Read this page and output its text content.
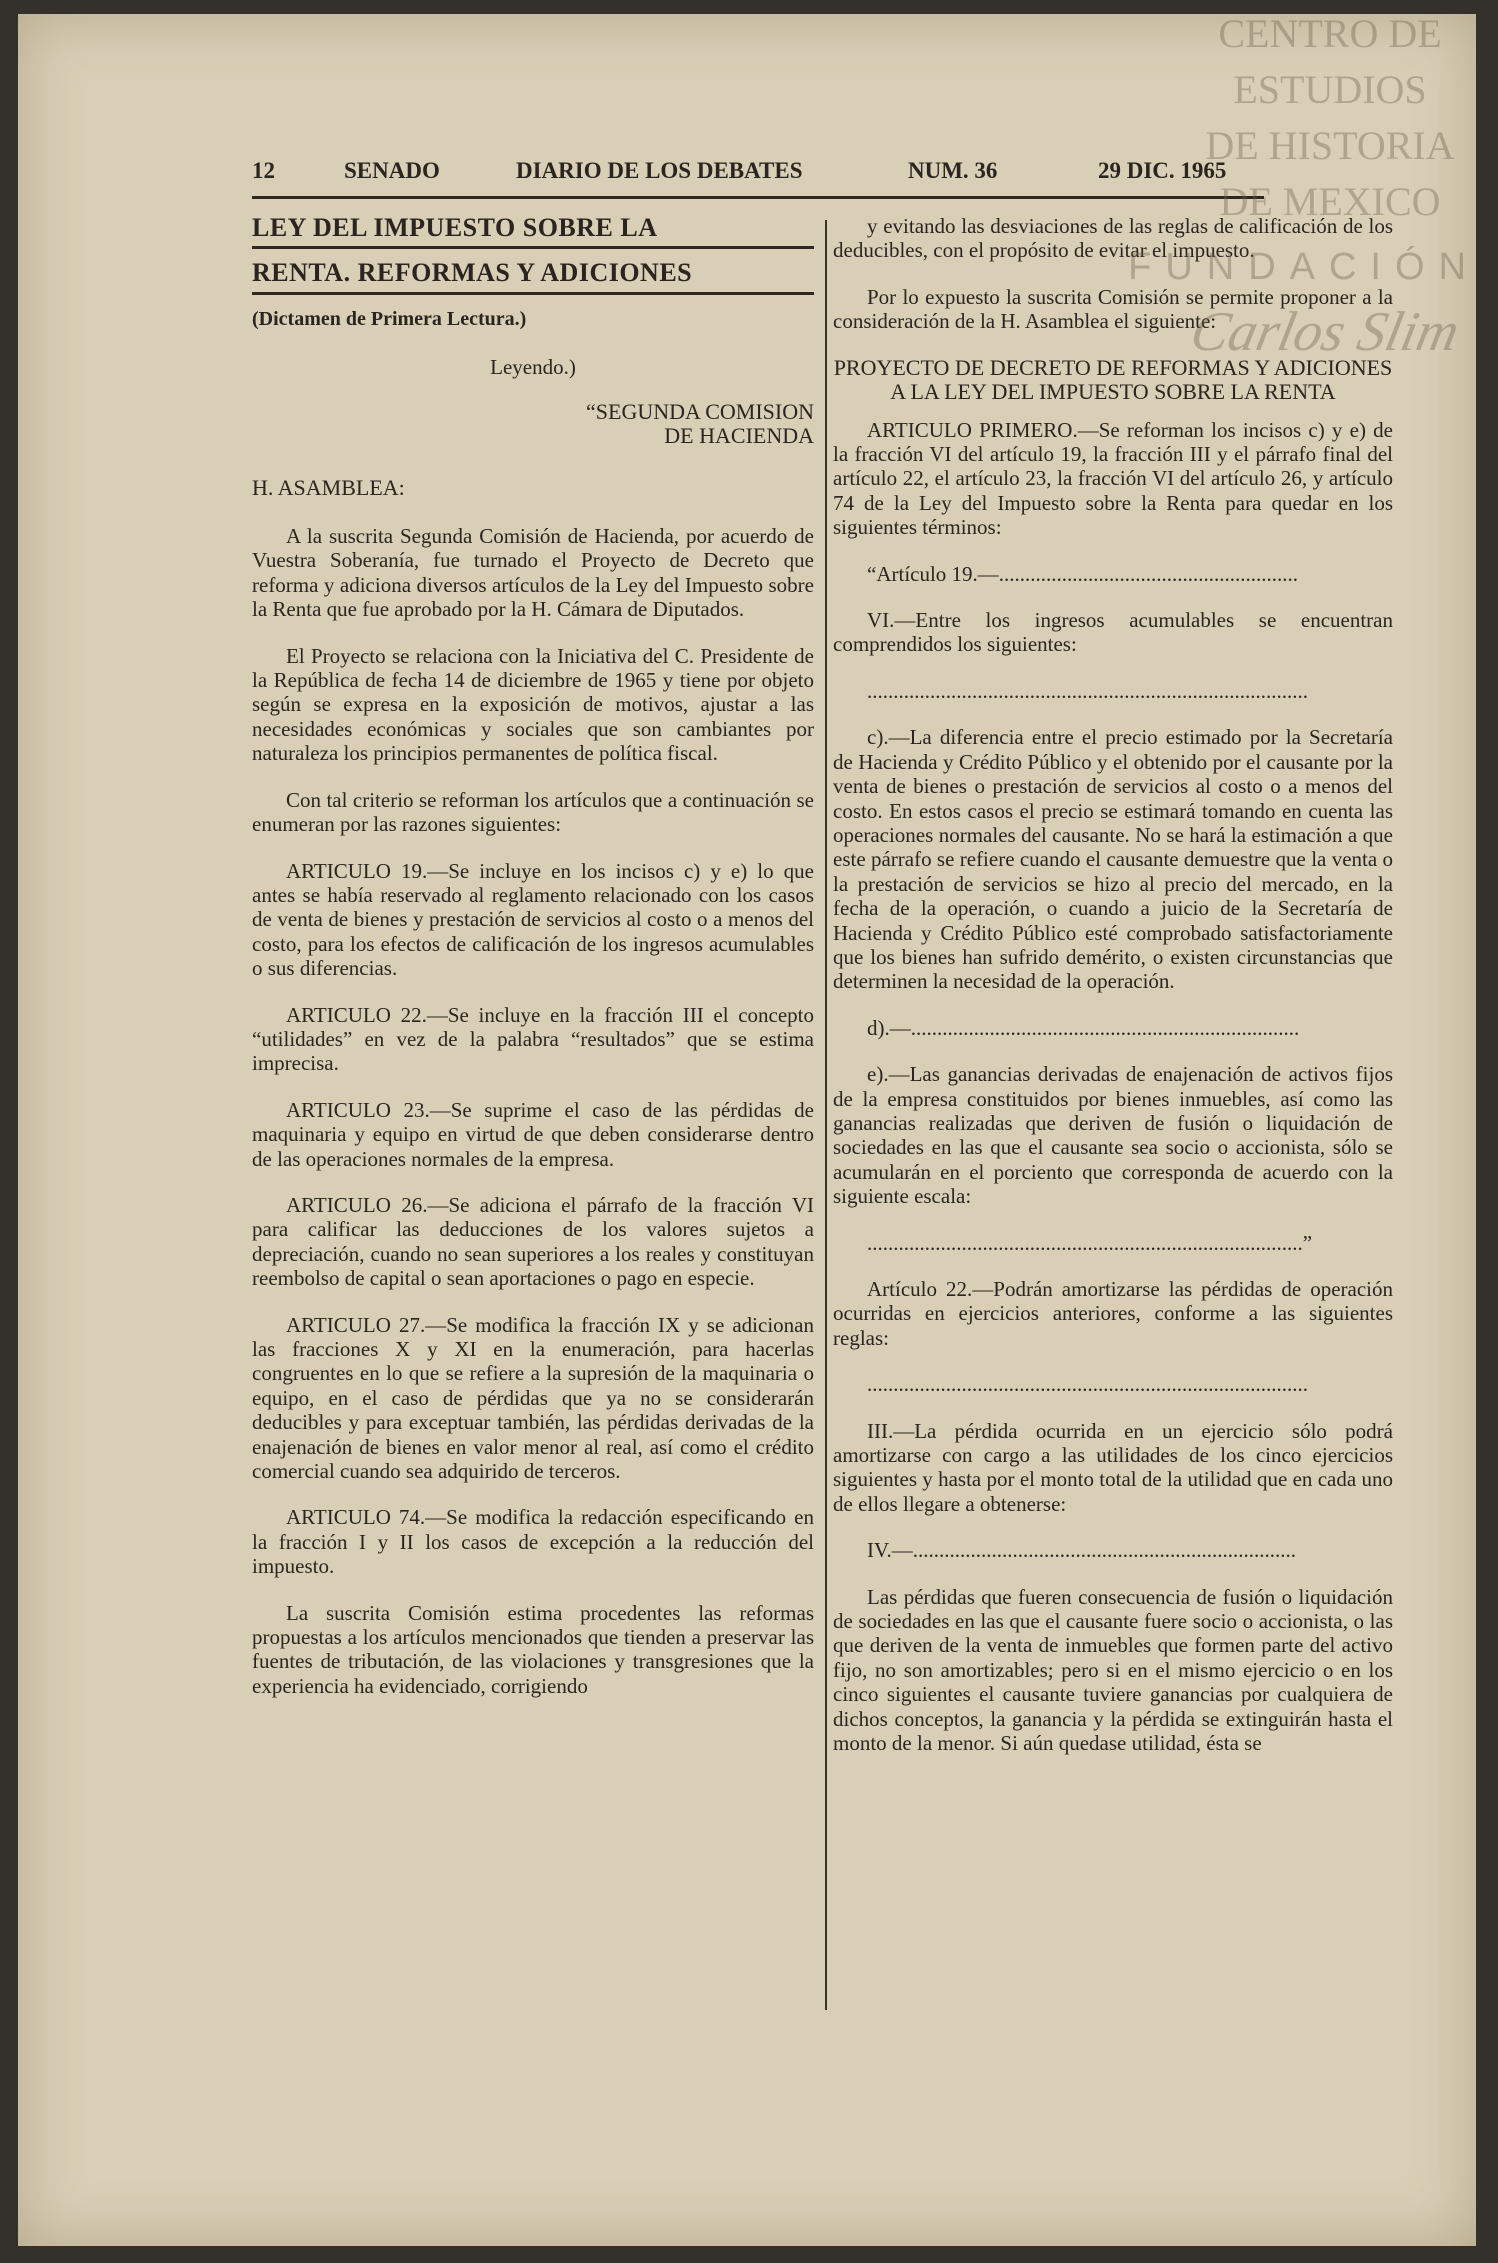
12	SENADO	DIARIO DE LOS DEBATES	NUM. 36	29 DIC. 1965

LEY DEL IMPUESTO SOBRE LA

RENTA. REFORMAS Y ADICIONES

(Dictamen de Primera Lectura.)

Leyendo.)

“SEGUNDA COMISION
DE HACIENDA

H. ASAMBLEA:

A la suscrita Segunda Comisión de Hacienda, por acuerdo de Vuestra Soberanía, fue turnado el Proyecto de Decreto que reforma y adiciona diversos artículos de la Ley del Impuesto sobre la Renta que fue aprobado por la H. Cámara de Diputados.

El Proyecto se relaciona con la Iniciativa del C. Presidente de la República de fecha 14 de diciembre de 1965 y tiene por objeto según se expresa en la exposición de motivos, ajustar a las necesidades económicas y sociales que son cambiantes por naturaleza los principios permanentes de política fiscal.

Con tal criterio se reforman los artículos que a continuación se enumeran por las razones siguientes:

ARTICULO 19.—Se incluye en los incisos c) y e) lo que antes se había reservado al reglamento relacionado con los casos de venta de bienes y prestación de servicios al costo o a menos del costo, para los efectos de calificación de los ingresos acumulables o sus diferencias.

ARTICULO 22.—Se incluye en la fracción III el concepto “utilidades” en vez de la palabra “resultados” que se estima imprecisa.

ARTICULO 23.—Se suprime el caso de las pérdidas de maquinaria y equipo en virtud de que deben considerarse dentro de las operaciones normales de la empresa.

ARTICULO 26.—Se adiciona el párrafo de la fracción VI para calificar las deducciones de los valores sujetos a depreciación, cuando no sean superiores a los reales y constituyan reembolso de capital o sean aportaciones o pago en especie.

ARTICULO 27.—Se modifica la fracción IX y se adicionan las fracciones X y XI en la enumeración, para hacerlas congruentes en lo que se refiere a la supresión de la maquinaria o equipo, en el caso de pérdidas que ya no se considerarán deducibles y para exceptuar también, las pérdidas derivadas de la enajenación de bienes en valor menor al real, así como el crédito comercial cuando sea adquirido de terceros.

ARTICULO 74.—Se modifica la redacción especificando en la fracción I y II los casos de excepción a la reducción del impuesto.

La suscrita Comisión estima procedentes las reformas propuestas a los artículos mencionados que tienden a preservar las fuentes de tributación, de las violaciones y transgresiones que la experiencia ha evidenciado, corrigiendo

y evitando las desviaciones de las reglas de calificación de los deducibles, con el propósito de evitar el impuesto.

Por lo expuesto la suscrita Comisión se permite proponer a la consideración de la H. Asamblea el siguiente:

PROYECTO DE DECRETO DE REFORMAS Y ADICIONES A LA LEY DEL IMPUESTO SOBRE LA RENTA

ARTICULO PRIMERO.—Se reforman los incisos c) y e) de la fracción VI del artículo 19, la fracción III y el párrafo final del artículo 22, el artículo 23, la fracción VI del artículo 26, y artículo 74 de la Ley del Impuesto sobre la Renta para quedar en los siguientes términos:

“Artículo 19.—.........................................................

VI.—Entre los ingresos acumulables se encuentran comprendidos los siguientes:

....................................................................................

c).—La diferencia entre el precio estimado por la Secretaría de Hacienda y Crédito Público y el obtenido por el causante por la venta de bienes o prestación de servicios al costo o a menos del costo. En estos casos el precio se estimará tomando en cuenta las operaciones normales del causante. No se hará la estimación a que este párrafo se refiere cuando el causante demuestre que la venta o la prestación de servicios se hizo al precio del mercado, en la fecha de la operación, o cuando a juicio de la Secretaría de Hacienda y Crédito Público esté comprobado satisfactoriamente que los bienes han sufrido demérito, o existen circunstancias que determinen la necesidad de la operación.

d).—..........................................................................

e).—Las ganancias derivadas de enajenación de activos fijos de la empresa constituidos por bienes inmuebles, así como las ganancias realizadas que deriven de fusión o liquidación de sociedades en las que el causante sea socio o accionista, sólo se acumularán en el porciento que corresponda de acuerdo con la siguiente escala:

...................................................................................”

Artículo 22.—Podrán amortizarse las pérdidas de operación ocurridas en ejercicios anteriores, conforme a las siguientes reglas:

....................................................................................

III.—La pérdida ocurrida en un ejercicio sólo podrá amortizarse con cargo a las utilidades de los cinco ejercicios siguientes y hasta por el monto total de la utilidad que en cada uno de ellos llegare a obtenerse:

IV.—.........................................................................

Las pérdidas que fueren consecuencia de fusión o liquidación de sociedades en las que el causante fuere socio o accionista, o las que deriven de la venta de inmuebles que formen parte del activo fijo, no son amortizables; pero si en el mismo ejercicio o en los cinco siguientes el causante tuviere ganancias por cualquiera de dichos conceptos, la ganancia y la pérdida se extinguirán hasta el monto de la menor. Si aún quedase utilidad, ésta se

CENTRO DE
ESTUDIOS
DE HISTORIA
DE MEXICO
FUNDACIÓN
Carlos Slim
